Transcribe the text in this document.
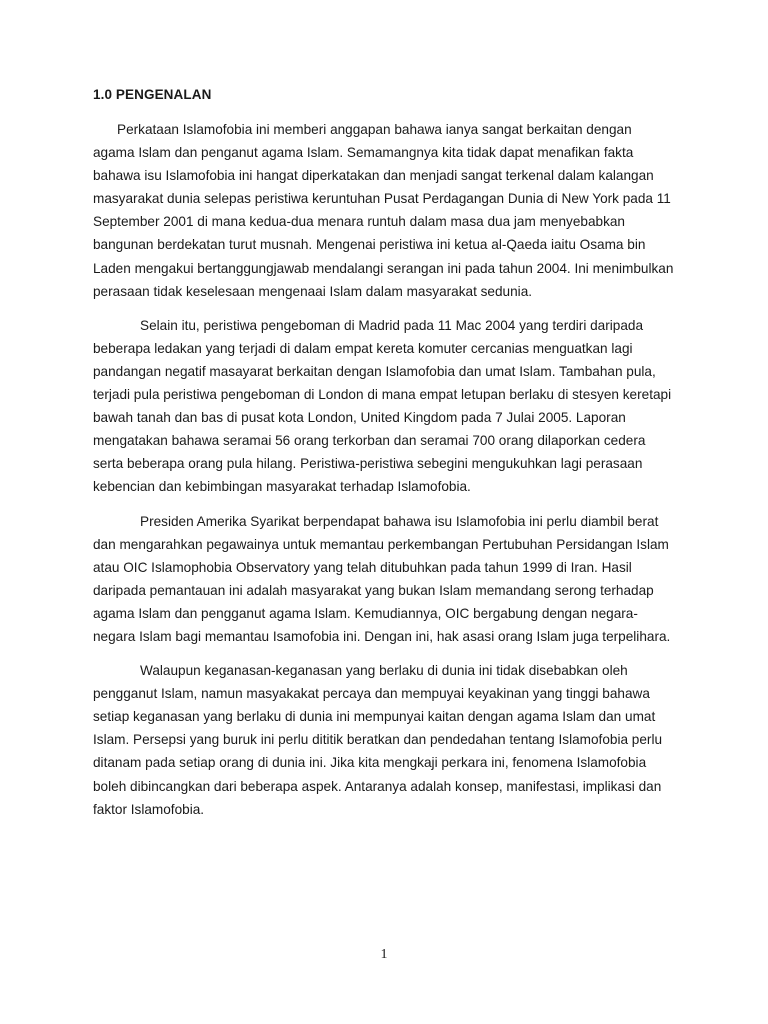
1.0 PENGENALAN

Perkataan Islamofobia ini memberi anggapan bahawa ianya sangat berkaitan dengan agama Islam dan penganut agama Islam. Semamangnya kita tidak dapat menafikan fakta bahawa isu Islamofobia ini hangat diperkatakan dan menjadi sangat terkenal dalam kalangan masyarakat dunia selepas peristiwa keruntuhan Pusat Perdagangan Dunia di New York pada 11 September 2001 di mana kedua-dua menara runtuh dalam masa dua jam menyebabkan bangunan berdekatan turut musnah. Mengenai peristiwa ini ketua al-Qaeda iaitu Osama bin Laden mengakui bertanggungjawab mendalangi serangan ini pada tahun 2004. Ini menimbulkan perasaan tidak keselesaan mengenaai Islam dalam masyarakat sedunia.

Selain itu, peristiwa pengeboman di Madrid pada 11 Mac 2004 yang terdiri daripada beberapa ledakan yang terjadi di dalam empat kereta komuter cercanias menguatkan lagi pandangan negatif masayarat berkaitan dengan Islamofobia dan umat Islam. Tambahan pula, terjadi pula peristiwa pengeboman di London di mana empat letupan berlaku di stesyen keretapi bawah tanah dan bas di pusat kota London, United Kingdom pada 7 Julai 2005. Laporan mengatakan bahawa seramai 56 orang terkorban dan seramai 700 orang dilaporkan cedera serta beberapa orang pula hilang. Peristiwa-peristiwa sebegini mengukuhkan lagi perasaan kebencian dan kebimbingan masyarakat terhadap Islamofobia.

Presiden Amerika Syarikat berpendapat bahawa isu Islamofobia ini perlu diambil berat dan mengarahkan pegawainya untuk memantau perkembangan Pertubuhan Persidangan Islam atau OIC Islamophobia Observatory yang telah ditubuhkan pada tahun 1999 di Iran. Hasil daripada pemantauan ini adalah masyarakat yang bukan Islam memandang serong terhadap agama Islam dan pengganut agama Islam. Kemudiannya, OIC bergabung dengan negara-negara Islam bagi memantau Isamofobia ini. Dengan ini, hak asasi orang Islam juga terpelihara.

Walaupun keganasan-keganasan yang berlaku di dunia ini tidak disebabkan oleh pengganut Islam, namun masyakakat percaya dan mempuyai keyakinan yang tinggi bahawa setiap keganasan yang berlaku di dunia ini mempunyai kaitan dengan agama Islam dan umat Islam. Persepsi yang buruk ini perlu dititik beratkan dan pendedahan tentang Islamofobia perlu ditanam pada setiap orang di dunia ini. Jika kita mengkaji perkara ini, fenomena Islamofobia boleh dibincangkan dari beberapa aspek. Antaranya adalah konsep, manifestasi, implikasi dan faktor Islamofobia.

1
